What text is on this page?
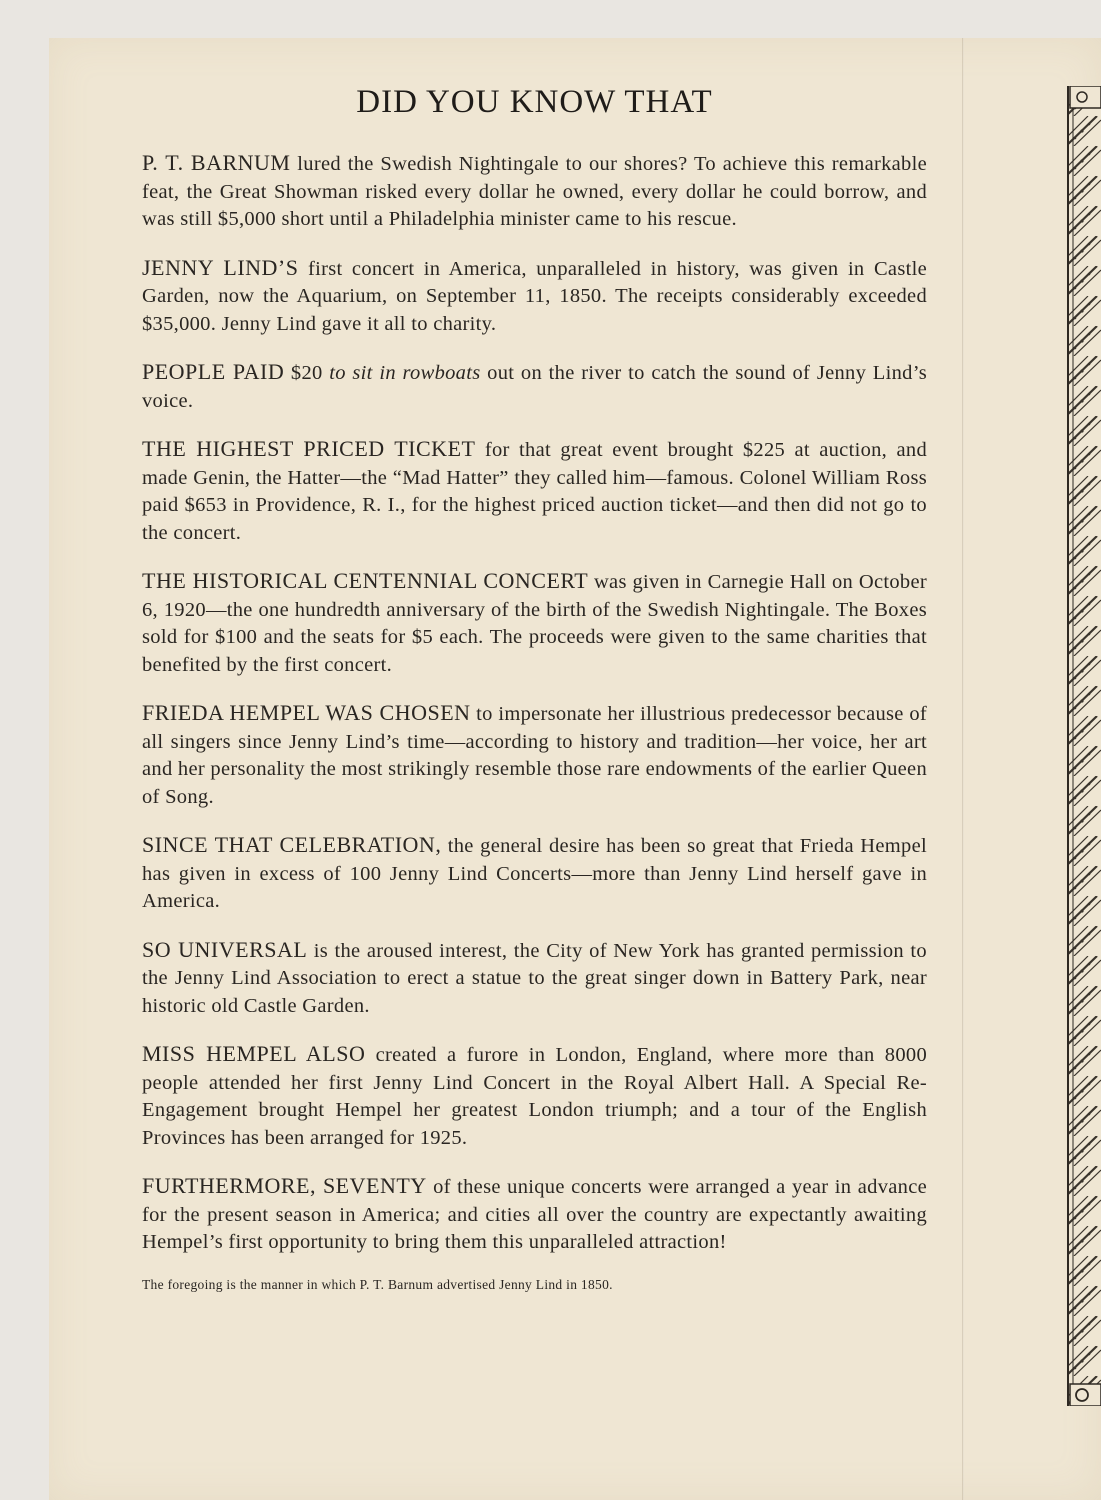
DID YOU KNOW THAT

P. T. BARNUM lured the Swedish Nightingale to our shores? To achieve this remarkable feat, the Great Showman risked every dollar he owned, every dollar he could borrow, and was still $5,000 short until a Philadelphia minister came to his rescue.

JENNY LIND’S first concert in America, unparalleled in history, was given in Castle Garden, now the Aquarium, on September 11, 1850. The receipts considerably exceeded $35,000. Jenny Lind gave it all to charity.

PEOPLE PAID $20 to sit in rowboats out on the river to catch the sound of Jenny Lind’s voice.

THE HIGHEST PRICED TICKET for that great event brought $225 at auction, and made Genin, the Hatter—the “Mad Hatter” they called him—famous. Colonel William Ross paid $653 in Providence, R. I., for the highest priced auction ticket—and then did not go to the concert.

THE HISTORICAL CENTENNIAL CONCERT was given in Carnegie Hall on October 6, 1920—the one hundredth anniversary of the birth of the Swedish Nightingale. The Boxes sold for $100 and the seats for $5 each. The proceeds were given to the same charities that benefited by the first concert.

FRIEDA HEMPEL WAS CHOSEN to impersonate her illustrious predecessor because of all singers since Jenny Lind’s time—according to history and tradition—her voice, her art and her personality the most strikingly resemble those rare endowments of the earlier Queen of Song.

SINCE THAT CELEBRATION, the general desire has been so great that Frieda Hempel has given in excess of 100 Jenny Lind Concerts—more than Jenny Lind herself gave in America.

SO UNIVERSAL is the aroused interest, the City of New York has granted permission to the Jenny Lind Association to erect a statue to the great singer down in Battery Park, near historic old Castle Garden.

MISS HEMPEL ALSO created a furore in London, England, where more than 8000 people attended her first Jenny Lind Concert in the Royal Albert Hall. A Special Re-Engagement brought Hempel her greatest London triumph; and a tour of the English Provinces has been arranged for 1925.

FURTHERMORE, SEVENTY of these unique concerts were arranged a year in advance for the present season in America; and cities all over the country are expectantly awaiting Hempel’s first opportunity to bring them this unparalleled attraction!

The foregoing is the manner in which P. T. Barnum advertised Jenny Lind in 1850.
